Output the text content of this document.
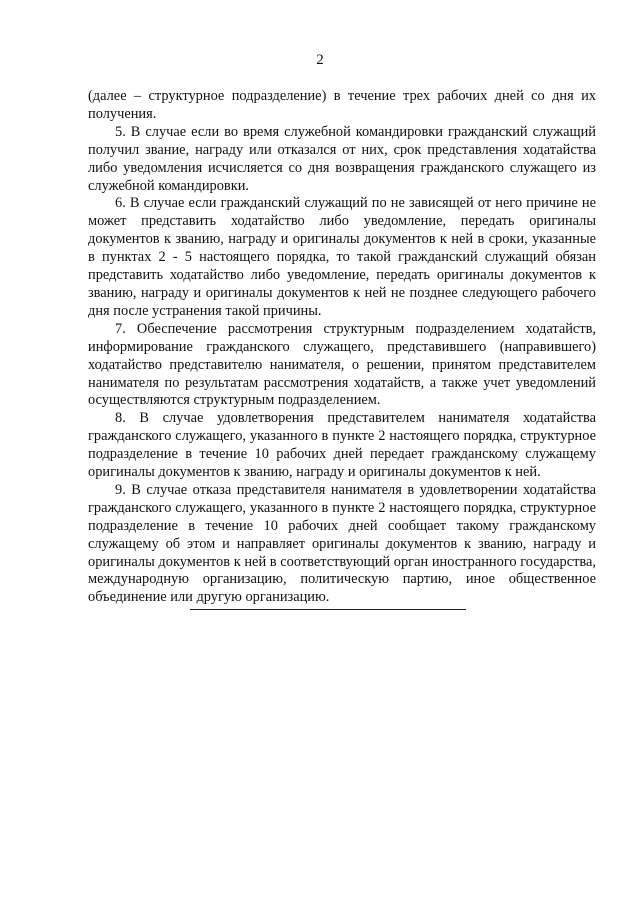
2

(далее – структурное подразделение) в течение трех рабочих дней со дня их получения.

5. В случае если во время служебной командировки гражданский служащий получил звание, награду или отказался от них, срок представления ходатайства либо уведомления исчисляется со дня возвращения гражданского служащего из служебной командировки.

6. В случае если гражданский служащий по не зависящей от него причине не может представить ходатайство либо уведомление, передать оригиналы документов к званию, награду и оригиналы документов к ней в сроки, указанные в пунктах 2 - 5 настоящего порядка, то такой гражданский служащий обязан представить ходатайство либо уведомление, передать оригиналы документов к званию, награду и оригиналы документов к ней не позднее следующего рабочего дня после устранения такой причины.

7. Обеспечение рассмотрения структурным подразделением ходатайств, информирование гражданского служащего, представившего (направившего) ходатайство представителю нанимателя, о решении, принятом представителем нанимателя по результатам рассмотрения ходатайств, а также учет уведомлений осуществляются структурным подразделением.

8. В случае удовлетворения представителем нанимателя ходатайства гражданского служащего, указанного в пункте 2 настоящего порядка, структурное подразделение в течение 10 рабочих дней передает гражданскому служащему оригиналы документов к званию, награду и оригиналы документов к ней.

9. В случае отказа представителя нанимателя в удовлетворении ходатайства гражданского служащего, указанного в пункте 2 настоящего порядка, структурное подразделение в течение 10 рабочих дней сообщает такому гражданскому служащему об этом и направляет оригиналы документов к званию, награду и оригиналы документов к ней в соответствующий орган иностранного государства, международную организацию, политическую партию, иное общественное объединение или другую организацию.
